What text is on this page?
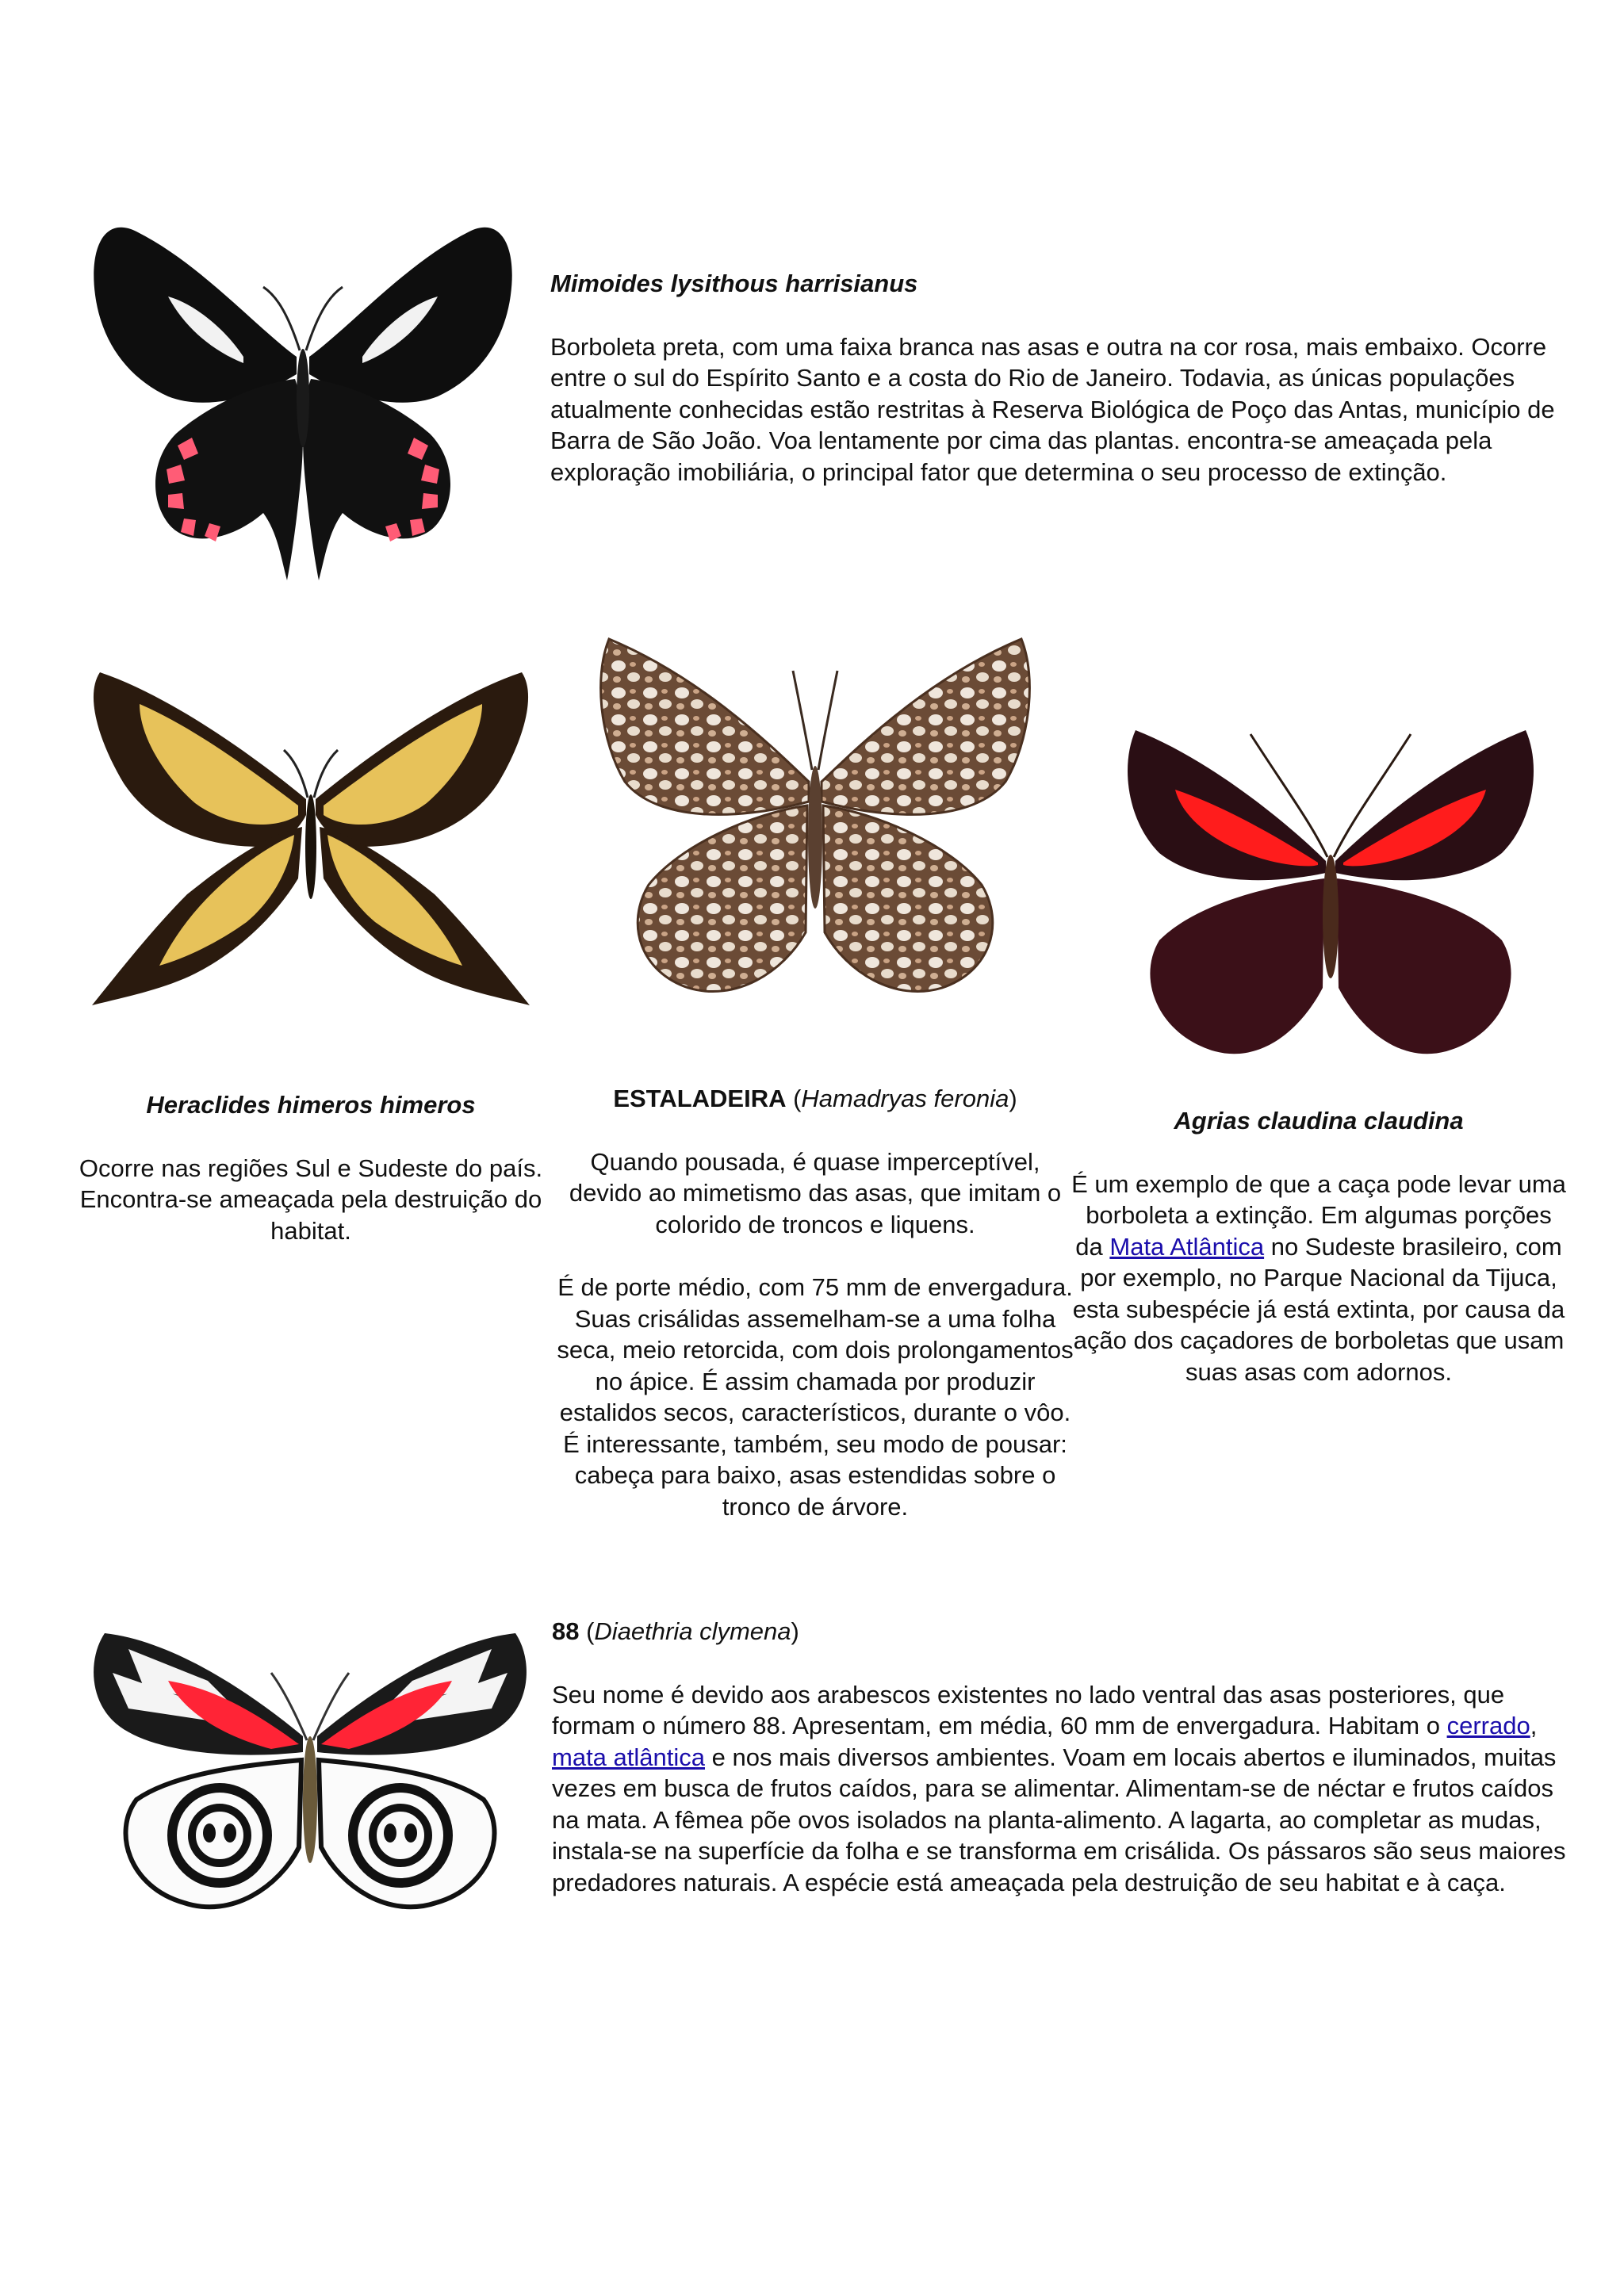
Mimoides lysithous harrisianus

Borboleta preta, com uma faixa branca nas asas e outra na cor rosa, mais embaixo. Ocorre entre o sul do Espírito Santo e a costa do Rio de Janeiro. Todavia, as únicas populações atualmente conhecidas estão restritas à Reserva Biológica de Poço das Antas, município de Barra de São João. Voa lentamente por cima das plantas. encontra-se ameaçada pela exploração imobiliária, o principal fator que determina o seu processo de extinção.

Heraclides himeros himeros

Ocorre nas regiões Sul e Sudeste do país. Encontra-se ameaçada pela destruição do habitat.

ESTALADEIRA (Hamadryas feronia)

Quando pousada, é quase imperceptível, devido ao mimetismo das asas, que imitam o colorido de troncos e liquens.

É de porte médio, com 75 mm de envergadura. Suas crisálidas assemelham-se a uma folha seca, meio retorcida, com dois prolongamentos no ápice. É assim chamada por produzir estalidos secos, característicos, durante o vôo. É interessante, também, seu modo de pousar: cabeça para baixo, asas estendidas sobre o tronco de árvore.

Agrias claudina claudina

É um exemplo de que a caça pode levar uma borboleta a extinção. Em algumas porções da Mata Atlântica no Sudeste brasileiro, com por exemplo, no Parque Nacional da Tijuca, esta subespécie já está extinta, por causa da ação dos caçadores de borboletas que usam suas asas com adornos.

88 (Diaethria clymena)

Seu nome é devido aos arabescos existentes no lado ventral das asas posteriores, que formam o número 88. Apresentam, em média, 60 mm de envergadura. Habitam o cerrado, mata atlântica e nos mais diversos ambientes. Voam em locais abertos e iluminados, muitas vezes em busca de frutos caídos, para se alimentar. Alimentam-se de néctar e frutos caídos na mata. A fêmea põe ovos isolados na planta-alimento. A lagarta, ao completar as mudas, instala-se na superfície da folha e se transforma em crisálida. Os pássaros são seus maiores predadores naturais. A espécie está ameaçada pela destruição de seu habitat e à caça.
